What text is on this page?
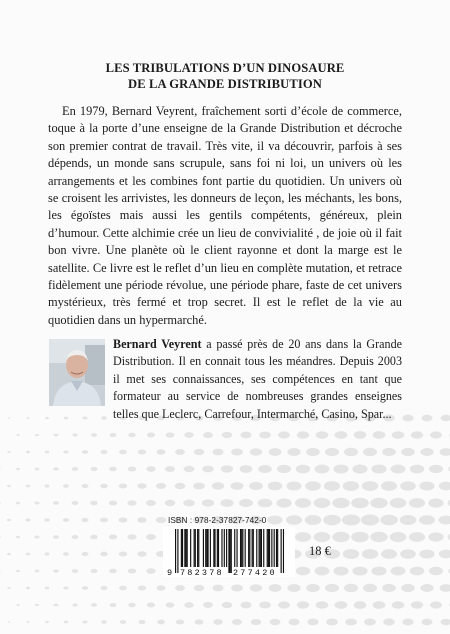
LES TRIBULATIONS D’UN DINOSAURE
DE LA GRANDE DISTRIBUTION

En 1979, Bernard Veyrent, fraîchement sorti d’école de commerce, toque à la porte d’une enseigne de la Grande Distribution et décroche son premier contrat de travail. Très vite, il va découvrir, parfois à ses dépends, un monde sans scrupule, sans foi ni loi, un univers où les arrangements et les combines font partie du quotidien. Un univers où se croisent les arrivistes, les donneurs de leçon, les méchants, les bons, les égoïstes mais aussi les gentils compétents, généreux, plein d’humour. Cette alchimie crée un lieu de convivialité , de joie où il fait bon vivre. Une planète où le client rayonne et dont la marge est le satellite. Ce livre est le reflet d’un lieu en complète mutation, et retrace fidèlement une période révolue, une période phare, faste de cet univers mystérieux, très fermé et trop secret. Il est le reflet de la vie au quotidien dans un hypermarché.

Bernard Veyrent a passé près de 20 ans dans la Grande Distribution. Il en connait tous les méandres. Depuis 2003 il met ses connaissances, ses compétences en tant que formateur au service de nombreuses grandes enseignes telles que Leclerc, Carrefour, Intermarché, Casino, Spar...

ISBN : 978-2-37827-742-0
9 782378 277420
18 €
